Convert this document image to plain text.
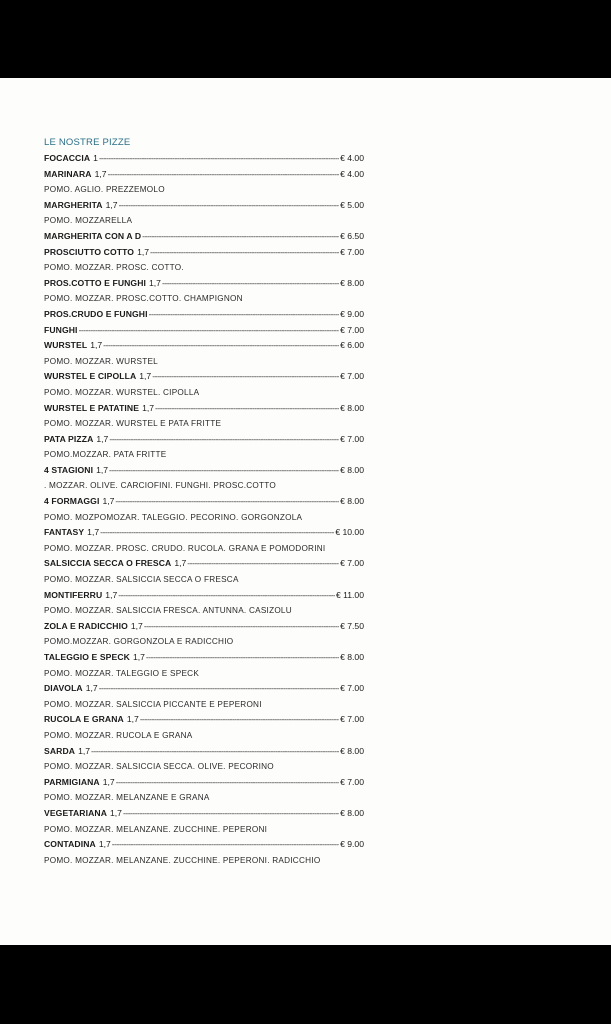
LE NOSTRE PIZZE
FOCACCIA 1 -----	€ 4.00
MARINARA 1,7 -----	€ 4.00
POMO. AGLIO. PREZZEMOLO
MARGHERITA 1,7 -----	€ 5.00
POMO. MOZZARELLA
MARGHERITA CON A D -----	€ 6.50
PROSCIUTTO COTTO 1,7 -----	€ 7.00
POMO. MOZZAR. PROSC. COTTO.
PROS.COTTO E FUNGHI 1,7 -----	€ 8.00
POMO. MOZZAR. PROSC.COTTO. CHAMPIGNON
PROS.CRUDO E FUNGHI -----	€ 9.00
FUNGHI -----	€ 7.00
WURSTEL 1,7 -----	€ 6.00
POMO. MOZZAR. WURSTEL
WURSTEL E CIPOLLA 1,7 -----	€ 7.00
POMO. MOZZAR. WURSTEL. CIPOLLA
WURSTEL E PATATINE 1,7 -----	€ 8.00
POMO. MOZZAR. WURSTEL E PATA FRITTE
PATA PIZZA 1,7 -----	€ 7.00
POMO.MOZZAR. PATA FRITTE
4 STAGIONI 1,7 -----	€ 8.00
. MOZZAR. OLIVE. CARCIOFINI. FUNGHI. PROSC.COTTO
4 FORMAGGI 1,7 -----	€ 8.00
POMO. MOZPOMOZAR. TALEGGIO. PECORINO. GORGONZOLA
FANTASY 1,7 -----	€ 10.00
POMO. MOZZAR. PROSC. CRUDO. RUCOLA. GRANA E POMODORINI
SALSICCIA SECCA O FRESCA 1,7 -----	€ 7.00
POMO. MOZZAR. SALSICCIA SECCA O FRESCA
MONTIFERRU 1,7 -----	€ 11.00
POMO. MOZZAR. SALSICCIA FRESCA. ANTUNNA. CASIZOLU
ZOLA E RADICCHIO 1,7 -----	€ 7.50
POMO.MOZZAR. GORGONZOLA E RADICCHIO
TALEGGIO E SPECK 1,7 -----	€ 8.00
POMO. MOZZAR. TALEGGIO E SPECK
DIAVOLA 1,7 -----	€ 7.00
POMO. MOZZAR. SALSICCIA PICCANTE E PEPERONI
RUCOLA E GRANA 1,7 -----	€ 7.00
POMO. MOZZAR. RUCOLA E GRANA
SARDA 1,7 -----	€ 8.00
POMO. MOZZAR. SALSICCIA SECCA. OLIVE. PECORINO
PARMIGIANA 1,7 -----	€ 7.00
POMO. MOZZAR. MELANZANE E GRANA
VEGETARIANA 1,7 -----	€ 8.00
POMO. MOZZAR. MELANZANE. ZUCCHINE. PEPERONI
CONTADINA 1,7 -----	€ 9.00
POMO. MOZZAR. MELANZANE. ZUCCHINE. PEPERONI. RADICCHIO
